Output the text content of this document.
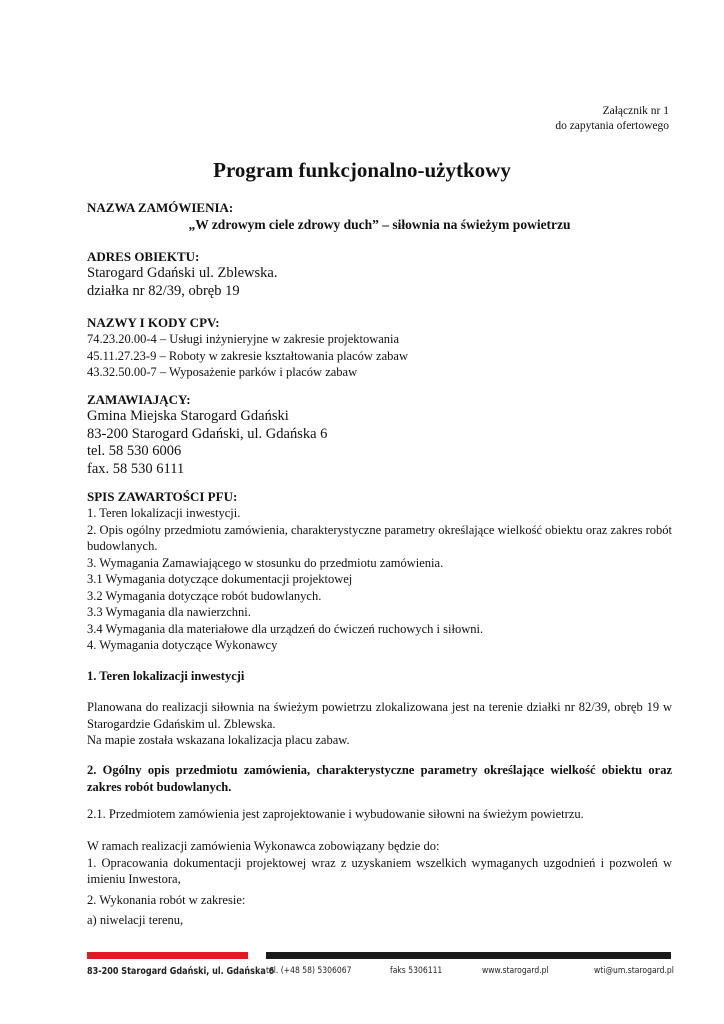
Załącznik nr 1
do zapytania ofertowego
Program funkcjonalno-użytkowy
NAZWA ZAMÓWIENIA:
„W zdrowym ciele zdrowy duch” – siłownia na świeżym powietrzu
ADRES OBIEKTU:
Starogard Gdański ul. Zblewska.
działka nr 82/39, obręb 19
NAZWY I KODY CPV:
74.23.20.00-4 – Usługi inżynieryjne w zakresie projektowania
45.11.27.23-9 – Roboty w zakresie kształtowania placów zabaw
43.32.50.00-7 – Wyposażenie parków i placów zabaw
ZAMAWIAJĄCY:
Gmina Miejska Starogard Gdański
83-200 Starogard Gdański, ul. Gdańska 6
tel. 58 530 6006
fax. 58 530 6111
SPIS ZAWARTOŚCI PFU:
1. Teren lokalizacji inwestycji.
2. Opis ogólny przedmiotu zamówienia, charakterystyczne parametry określające wielkość obiektu oraz zakres robót budowlanych.
3. Wymagania Zamawiającego w stosunku do przedmiotu zamówienia.
3.1 Wymagania dotyczące dokumentacji projektowej
3.2 Wymagania dotyczące robót budowlanych.
3.3 Wymagania dla nawierzchni.
3.4 Wymagania dla materiałowe dla urządzeń do ćwiczeń ruchowych i siłowni.
4. Wymagania dotyczące Wykonawcy
1. Teren lokalizacji inwestycji

Planowana do realizacji siłownia na świeżym powietrzu zlokalizowana jest na terenie działki nr 82/39, obręb 19 w Starogardzie Gdańskim ul. Zblewska.

Na mapie została wskazana lokalizacja placu zabaw.

2. Ogólny opis przedmiotu zamówienia, charakterystyczne parametry określające wielkość obiektu oraz zakres robót budowlanych.

2.1. Przedmiotem zamówienia jest zaprojektowanie i wybudowanie siłowni na świeżym powietrzu.

W ramach realizacji zamówienia Wykonawca zobowiązany będzie do:

1. Opracowania dokumentacji projektowej wraz z uzyskaniem wszelkich wymaganych uzgodnień i pozwoleń w imieniu Inwestora,

2. Wykonania robót w zakresie:

a) niwelacji terenu,

83-200 Starogard Gdański, ul. Gdańska 6
tel. (+48 58) 5306067	faks 5306111	www.starogard.pl	wti@um.starogard.pl
